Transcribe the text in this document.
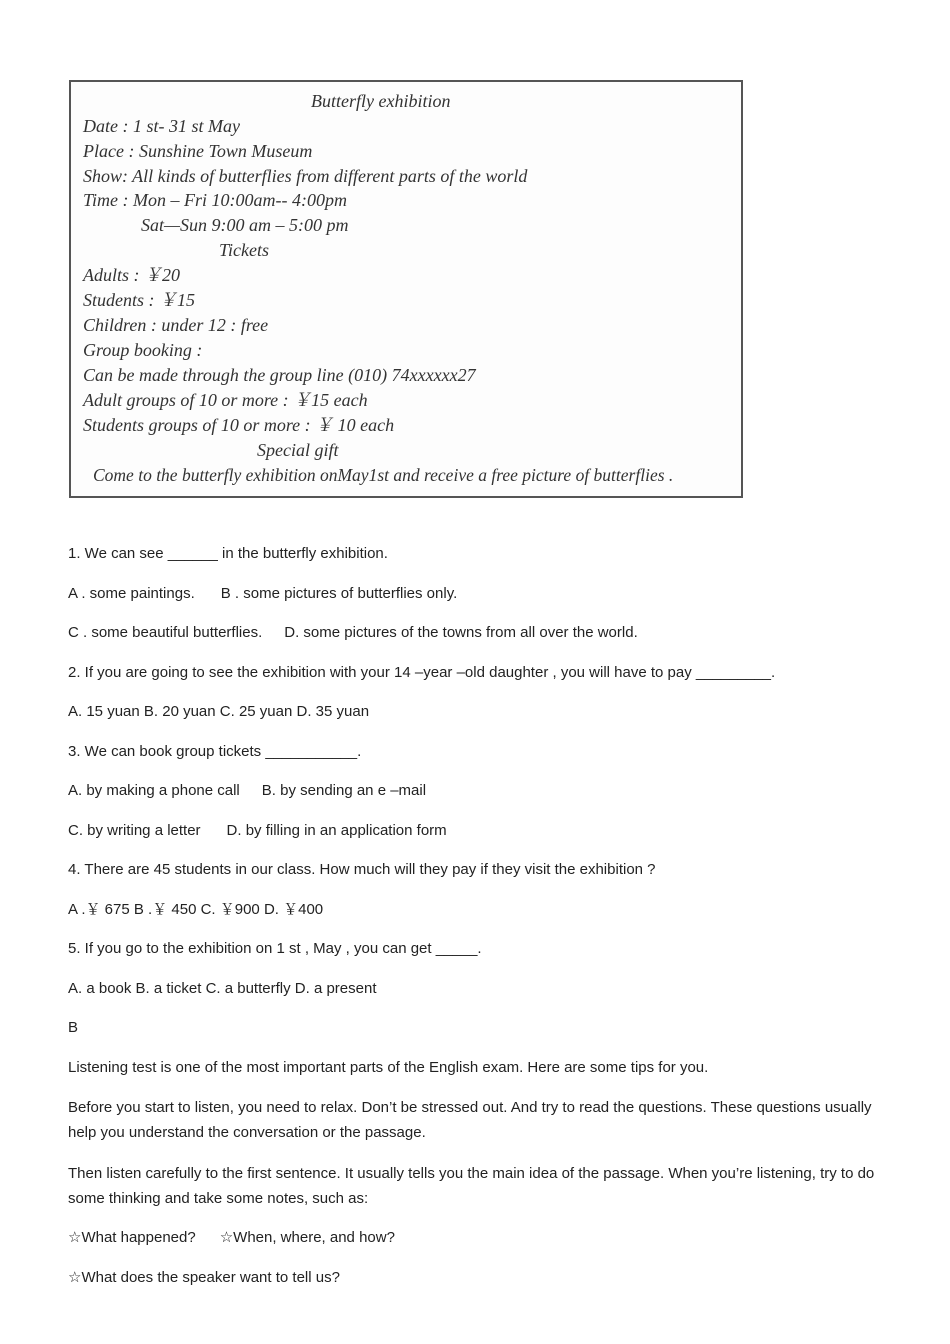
Butterfly exhibition
Date : 1 st- 31 st May
Place : Sunshine Town Museum
Show: All kinds of butterflies from different parts of the world
Time : Mon – Fri 10:00am-- 4:00pm
Sat—Sun 9:00 am – 5:00 pm
Tickets
Adults : ￥20
Students : ￥15
Children : under 12 : free
Group booking :
Can be made through the group line (010) 74xxxxxx27
Adult groups of 10 or more : ￥15 each
Students groups of 10 or more : ￥ 10 each
Special gift
Come to the butterfly exhibition onMay1st and receive a free picture of butterflies .

1. We can see ______ in the butterfly exhibition.

A . some paintings. B . some pictures of butterflies only.

C . some beautiful butterflies. D. some pictures of the towns from all over the world.

2. If you are going to see the exhibition with your 14 –year –old daughter , you will have to pay _________.

A. 15 yuan B. 20 yuan C. 25 yuan D. 35 yuan

3. We can book group tickets ___________.

A. by making a phone call B. by sending an e –mail

C. by writing a letter D. by filling in an application form

4. There are 45 students in our class. How much will they pay if they visit the exhibition ?

A .￥ 675 B .￥ 450 C. ￥900 D. ￥400

5. If you go to the exhibition on 1 st , May , you can get _____.

A. a book B. a ticket C. a butterfly D. a present

B

Listening test is one of the most important parts of the English exam. Here are some tips for you.

Before you start to listen, you need to relax. Don’t be stressed out. And try to read the questions. These questions usually help you understand the conversation or the passage.

Then listen carefully to the first sentence. It usually tells you the main idea of the passage. When you’re listening, try to do some thinking and take some notes, such as:

☆What happened? ☆When, where, and how?

☆What does the speaker want to tell us?
